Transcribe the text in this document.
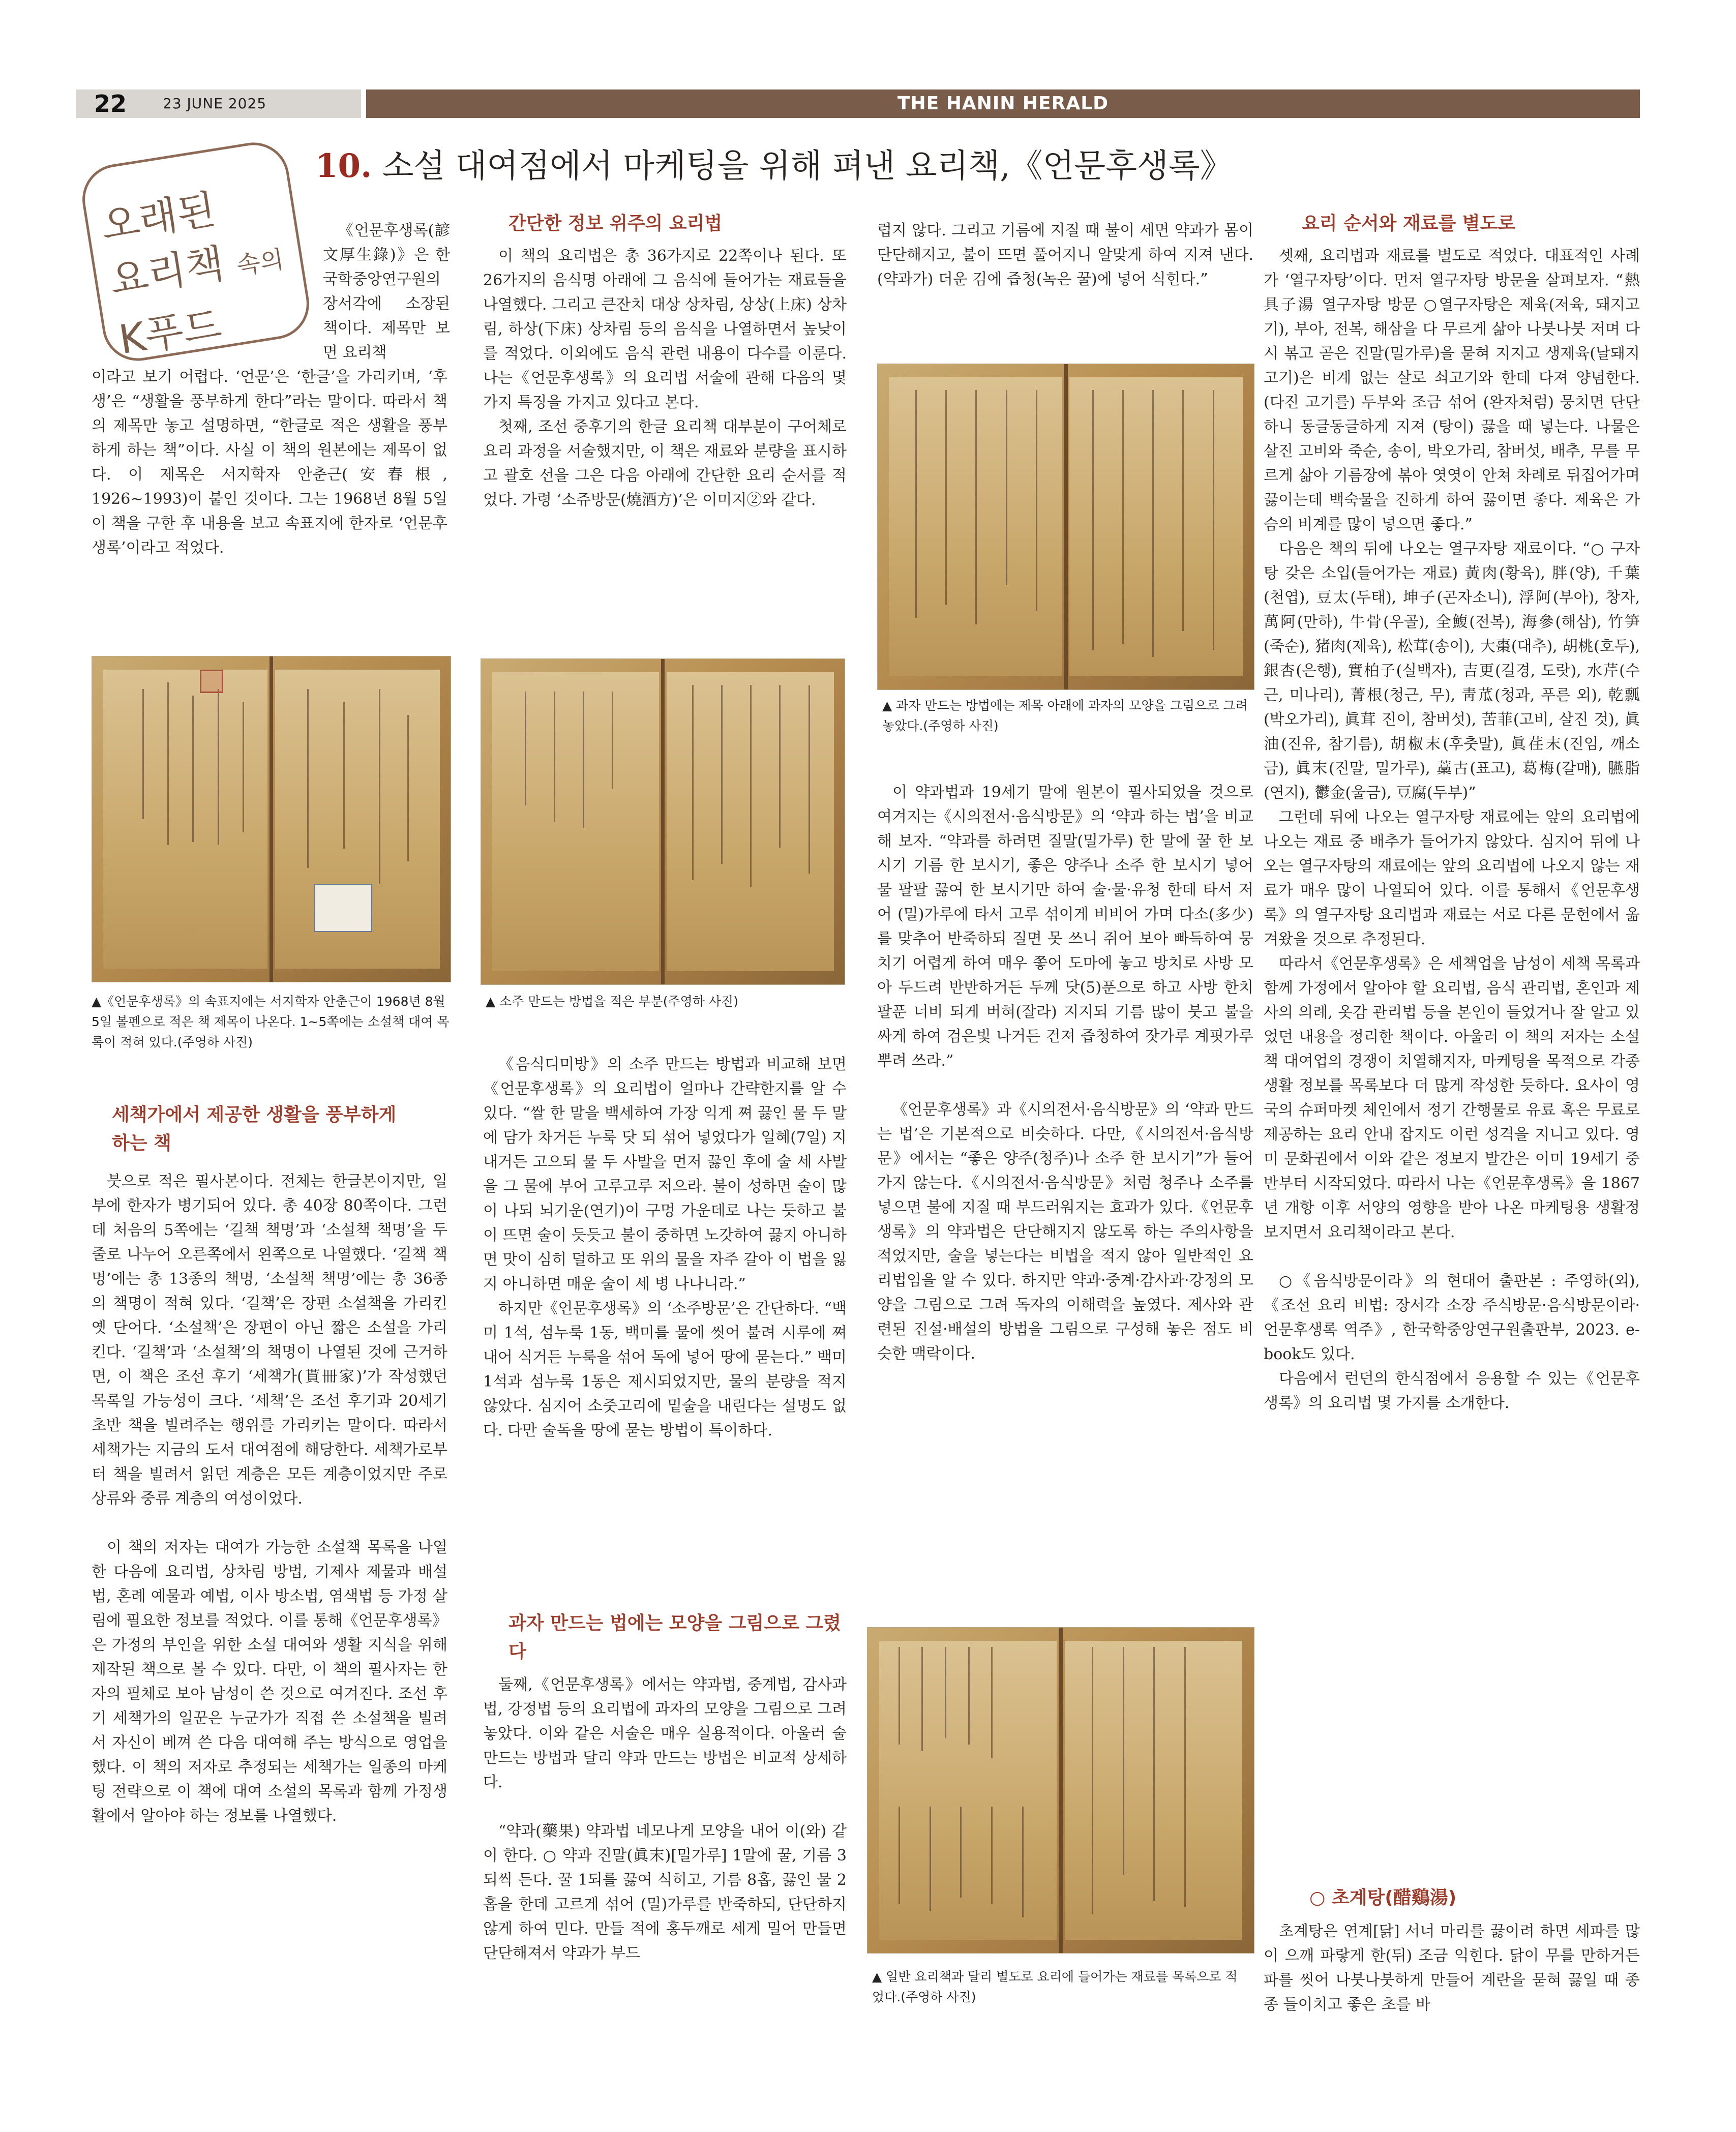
22	23 JUNE 2025	THE HANIN HERALD
오래된
요리책 속의
K푸드
10. 소설 대여점에서 마케팅을 위해 펴낸 요리책,《언문후생록》

《언문후생록(諺文厚生錄)》은 한국학중앙연구원의 장서각에 소장된 책이다. 제목만 보면 요리책

이라고 보기 어렵다. ‘언문’은 ‘한글’을 가리키며, ‘후생’은 “생활을 풍부하게 한다”라는 말이다. 따라서 책의 제목만 놓고 설명하면, “한글로 적은 생활을 풍부하게 하는 책”이다. 사실 이 책의 원본에는 제목이 없다. 이 제목은 서지학자 안춘근(安春根, 1926~1993)이 붙인 것이다. 그는 1968년 8월 5일 이 책을 구한 후 내용을 보고 속표지에 한자로 ‘언문후생록’이라고 적었다.

▲《언문후생록》의 속표지에는 서지학자 안춘근이 1968년 8월 5일 볼펜으로 적은 책 제목이 나온다. 1~5쪽에는 소설책 대여 목록이 적혀 있다.(주영하 사진)
세책가에서 제공한 생활을 풍부하게 하는 책

붓으로 적은 필사본이다. 전체는 한글본이지만, 일부에 한자가 병기되어 있다. 총 40장 80쪽이다. 그런데 처음의 5쪽에는 ‘길책 책명’과 ‘소설책 책명’을 두 줄로 나누어 오른쪽에서 왼쪽으로 나열했다. ‘길책 책명’에는 총 13종의 책명, ‘소설책 책명’에는 총 36종의 책명이 적혀 있다. ‘길책’은 장편 소설책을 가리킨 옛 단어다. ‘소설책’은 장편이 아닌 짧은 소설을 가리킨다. ‘길책’과 ‘소설책’의 책명이 나열된 것에 근거하면, 이 책은 조선 후기 ‘세책가(貰冊家)’가 작성했던 목록일 가능성이 크다. ‘세책’은 조선 후기과 20세기 초반 책을 빌려주는 행위를 가리키는 말이다. 따라서 세책가는 지금의 도서 대여점에 해당한다. 세책가로부터 책을 빌려서 읽던 계층은 모든 계층이었지만 주로 상류와 중류 계층의 여성이었다.

이 책의 저자는 대여가 가능한 소설책 목록을 나열한 다음에 요리법, 상차림 방법, 기제사 제물과 배설법, 혼례 예물과 예법, 이사 방소법, 염색법 등 가정 살림에 필요한 정보를 적었다. 이를 통해《언문후생록》은 가정의 부인을 위한 소설 대여와 생활 지식을 위해 제작된 책으로 볼 수 있다. 다만, 이 책의 필사자는 한자의 필체로 보아 남성이 쓴 것으로 여겨진다. 조선 후기 세책가의 일꾼은 누군가가 직접 쓴 소설책을 빌려서 자신이 베껴 쓴 다음 대여해 주는 방식으로 영업을 했다. 이 책의 저자로 추정되는 세책가는 일종의 마케팅 전략으로 이 책에 대여 소설의 목록과 함께 가정생활에서 알아야 하는 정보를 나열했다.

간단한 정보 위주의 요리법

이 책의 요리법은 총 36가지로 22쪽이나 된다. 또 26가지의 음식명 아래에 그 음식에 들어가는 재료들을 나열했다. 그리고 큰잔치 대상 상차림, 상상(上床) 상차림, 하상(下床) 상차림 등의 음식을 나열하면서 높낮이를 적었다. 이외에도 음식 관련 내용이 다수를 이룬다. 나는《언문후생록》의 요리법 서술에 관해 다음의 몇 가지 특징을 가지고 있다고 본다.

첫째, 조선 중후기의 한글 요리책 대부분이 구어체로 요리 과정을 서술했지만, 이 책은 재료와 분량을 표시하고 괄호 선을 그은 다음 아래에 간단한 요리 순서를 적었다. 가령 ‘소쥬방문(燒酒方)’은 이미지②와 같다.

▲ 소주 만드는 방법을 적은 부분(주영하 사진)

《음식디미방》의 소주 만드는 방법과 비교해 보면《언문후생록》의 요리법이 얼마나 간략한지를 알 수 있다. “쌀 한 말을 백세하여 가장 익게 쪄 끓인 물 두 말에 담가 차거든 누룩 닷 되 섞어 넣었다가 일혜(7일) 지내거든 고으되 물 두 사발을 먼저 끓인 후에 술 세 사발을 그 물에 부어 고루고루 저으라. 불이 성하면 술이 많이 나되 뇌기운(연기)이 구멍 가운데로 나는 듯하고 불이 뜨면 술이 듯듯고 불이 중하면 노갓하여 끓지 아니하면 맛이 심히 덜하고 또 위의 물을 자주 갈아 이 법을 잃지 아니하면 매운 술이 세 병 나나니라.”

하지만《언문후생록》의 ‘소주방문’은 간단하다. “백미 1석, 섬누룩 1동, 백미를 물에 씻어 불려 시루에 쪄 내어 식거든 누룩을 섞어 독에 넣어 땅에 묻는다.” 백미 1석과 섬누룩 1동은 제시되었지만, 물의 분량을 적지 않았다. 심지어 소줏고리에 밑술을 내린다는 설명도 없다. 다만 술독을 땅에 묻는 방법이 특이하다.

과자 만드는 법에는 모양을 그림으로 그렸다

둘째,《언문후생록》에서는 약과법, 중계법, 감사과법, 강정법 등의 요리법에 과자의 모양을 그림으로 그려놓았다. 이와 같은 서술은 매우 실용적이다. 아울러 술 만드는 방법과 달리 약과 만드는 방법은 비교적 상세하다.

“약과(藥果) 약과법 네모나게 모양을 내어 이(와) 같이 한다. ○ 약과 진말(眞末)[밀가루] 1말에 꿀, 기름 3되씩 든다. 꿀 1되를 끓여 식히고, 기름 8홉, 끓인 물 2홉을 한데 고르게 섞어 (밀)가루를 반죽하되, 단단하지 않게 하여 민다. 만들 적에 홍두깨로 세게 밀어 만들면 단단해져서 약과가 부드

럽지 않다. 그리고 기름에 지질 때 불이 세면 약과가 몸이 단단해지고, 불이 뜨면 풀어지니 알맞게 하여 지져 낸다. (약과가) 더운 김에 즙청(녹은 꿀)에 넣어 식힌다.”

▲ 과자 만드는 방법에는 제목 아래에 과자의 모양을 그림으로 그려 놓았다.(주영하 사진)

이 약과법과 19세기 말에 원본이 필사되었을 것으로 여겨지는《시의전서·음식방문》의 ‘약과 하는 법’을 비교해 보자. “약과를 하려면 질말(밀가루) 한 말에 꿀 한 보시기 기름 한 보시기, 좋은 양주나 소주 한 보시기 넣어 물 팔팔 끓여 한 보시기만 하여 술·물·유청 한데 타서 저어 (밀)가루에 타서 고루 섞이게 비비어 가며 다소(多少)를 맞추어 반죽하되 질면 못 쓰니 쥐어 보아 빠득하여 뭉치기 어렵게 하여 매우 쫗어 도마에 놓고 방치로 사방 모아 두드려 반반하거든 두께 닷(5)푼으로 하고 사방 한치 팔푼 너비 되게 버혀(잘라) 지지되 기름 많이 붓고 불을 싸게 하여 검은빛 나거든 건져 즙청하여 잣가루 계핏가루 뿌려 쓰라.”

《언문후생록》과《시의전서·음식방문》의 ‘약과 만드는 법’은 기본적으로 비슷하다. 다만,《시의전서·음식방문》에서는 “좋은 양주(청주)나 소주 한 보시기”가 들어가지 않는다.《시의전서·음식방문》처럼 청주나 소주를 넣으면 불에 지질 때 부드러워지는 효과가 있다.《언문후생록》의 약과법은 단단해지지 않도록 하는 주의사항을 적었지만, 술을 넣는다는 비법을 적지 않아 일반적인 요리법임을 알 수 있다. 하지만 약과·중계·감사과·강정의 모양을 그림으로 그려 독자의 이해력을 높였다. 제사와 관련된 진설·배설의 방법을 그림으로 구성해 놓은 점도 비슷한 맥락이다.

▲ 일반 요리책과 달리 별도로 요리에 들어가는 재료를 목록으로 적었다.(주영하 사진)
요리 순서와 재료를 별도로

셋째, 요리법과 재료를 별도로 적었다. 대표적인 사례가 ‘열구자탕’이다. 먼저 열구자탕 방문을 살펴보자. “熱具子湯 열구자탕 방문 ○열구자탕은 제육(저육, 돼지고기), 부아, 전복, 해삼을 다 무르게 삶아 나붓나붓 저며 다시 볶고 곧은 진말(밀가루)을 묻혀 지지고 생제육(날돼지고기)은 비계 없는 살로 쇠고기와 한데 다져 양념한다. (다진 고기를) 두부와 조금 섞어 (완자처럼) 뭉치면 단단하니 동글동글하게 지져 (탕이) 끓을 때 넣는다. 나물은 살진 고비와 죽순, 송이, 박오가리, 참버섯, 배추, 무를 무르게 삶아 기름장에 볶아 엿엿이 안쳐 차례로 뒤집어가며 끓이는데 백숙물을 진하게 하여 끓이면 좋다. 제육은 가슴의 비계를 많이 넣으면 좋다.”

다음은 책의 뒤에 나오는 열구자탕 재료이다. “○ 구자탕 갖은 소입(들어가는 재료) 黃肉(황육), 胖(양), 千葉(천엽), 豆太(두태), 坤子(곤자소니), 浮阿(부아), 창자, 萬阿(만하), 牛骨(우골), 全鰒(전복), 海參(해삼), 竹笋(죽순), 猪肉(제육), 松茸(송이), 大棗(대추), 胡桃(호두), 銀杏(은행), 實柏子(실백자), 吉更(길경, 도랏), 水芹(수근, 미나리), 菁根(청근, 무), 靑苽(청과, 푸른 외), 乾瓢(박오가리), 眞茸 진이, 참버섯), 苦菲(고비, 살진 것), 眞油(진유, 참기름), 胡椒末(후춧말), 眞荏末(진임, 깨소금), 眞末(진말, 밀가루), 藁古(표고), 葛梅(갈매), 臙脂(연지), 鬱金(울금), 豆腐(두부)”

그런데 뒤에 나오는 열구자탕 재료에는 앞의 요리법에 나오는 재료 중 배추가 들어가지 않았다. 심지어 뒤에 나오는 열구자탕의 재료에는 앞의 요리법에 나오지 않는 재료가 매우 많이 나열되어 있다. 이를 통해서《언문후생록》의 열구자탕 요리법과 재료는 서로 다른 문헌에서 옮겨왔을 것으로 추정된다.

따라서《언문후생록》은 세책업을 남성이 세책 목록과 함께 가정에서 알아야 할 요리법, 음식 관리법, 혼인과 제사의 의례, 옷감 관리법 등을 본인이 들었거나 잘 알고 있었던 내용을 정리한 책이다. 아울러 이 책의 저자는 소설책 대여업의 경쟁이 치열해지자, 마케팅을 목적으로 각종 생활 정보를 목록보다 더 많게 작성한 듯하다. 요사이 영국의 슈퍼마켓 체인에서 정기 간행물로 유료 혹은 무료로 제공하는 요리 안내 잡지도 이런 성격을 지니고 있다. 영미 문화권에서 이와 같은 정보지 발간은 이미 19세기 중반부터 시작되었다. 따라서 나는《언문후생록》을 1867년 개항 이후 서양의 영향을 받아 나온 마케팅용 생활정보지면서 요리책이라고 본다.

○《음식방문이라》의 현대어 출판본 : 주영하(외),《조선 요리 비법: 장서각 소장 주식방문·음식방문이라·언문후생록 역주》, 한국학중앙연구원출판부, 2023. e-book도 있다.

다음에서 런던의 한식점에서 응용할 수 있는《언문후생록》의 요리법 몇 가지를 소개한다.

○ 초계탕(醋鷄湯)

초계탕은 연계[닭] 서너 마리를 끓이려 하면 세파를 많이 으깨 파랗게 한(뒤) 조금 익힌다. 닭이 무를 만하거든 파를 씻어 나붓나붓하게 만들어 계란을 묻혀 끓일 때 종종 들이치고 좋은 초를 바
